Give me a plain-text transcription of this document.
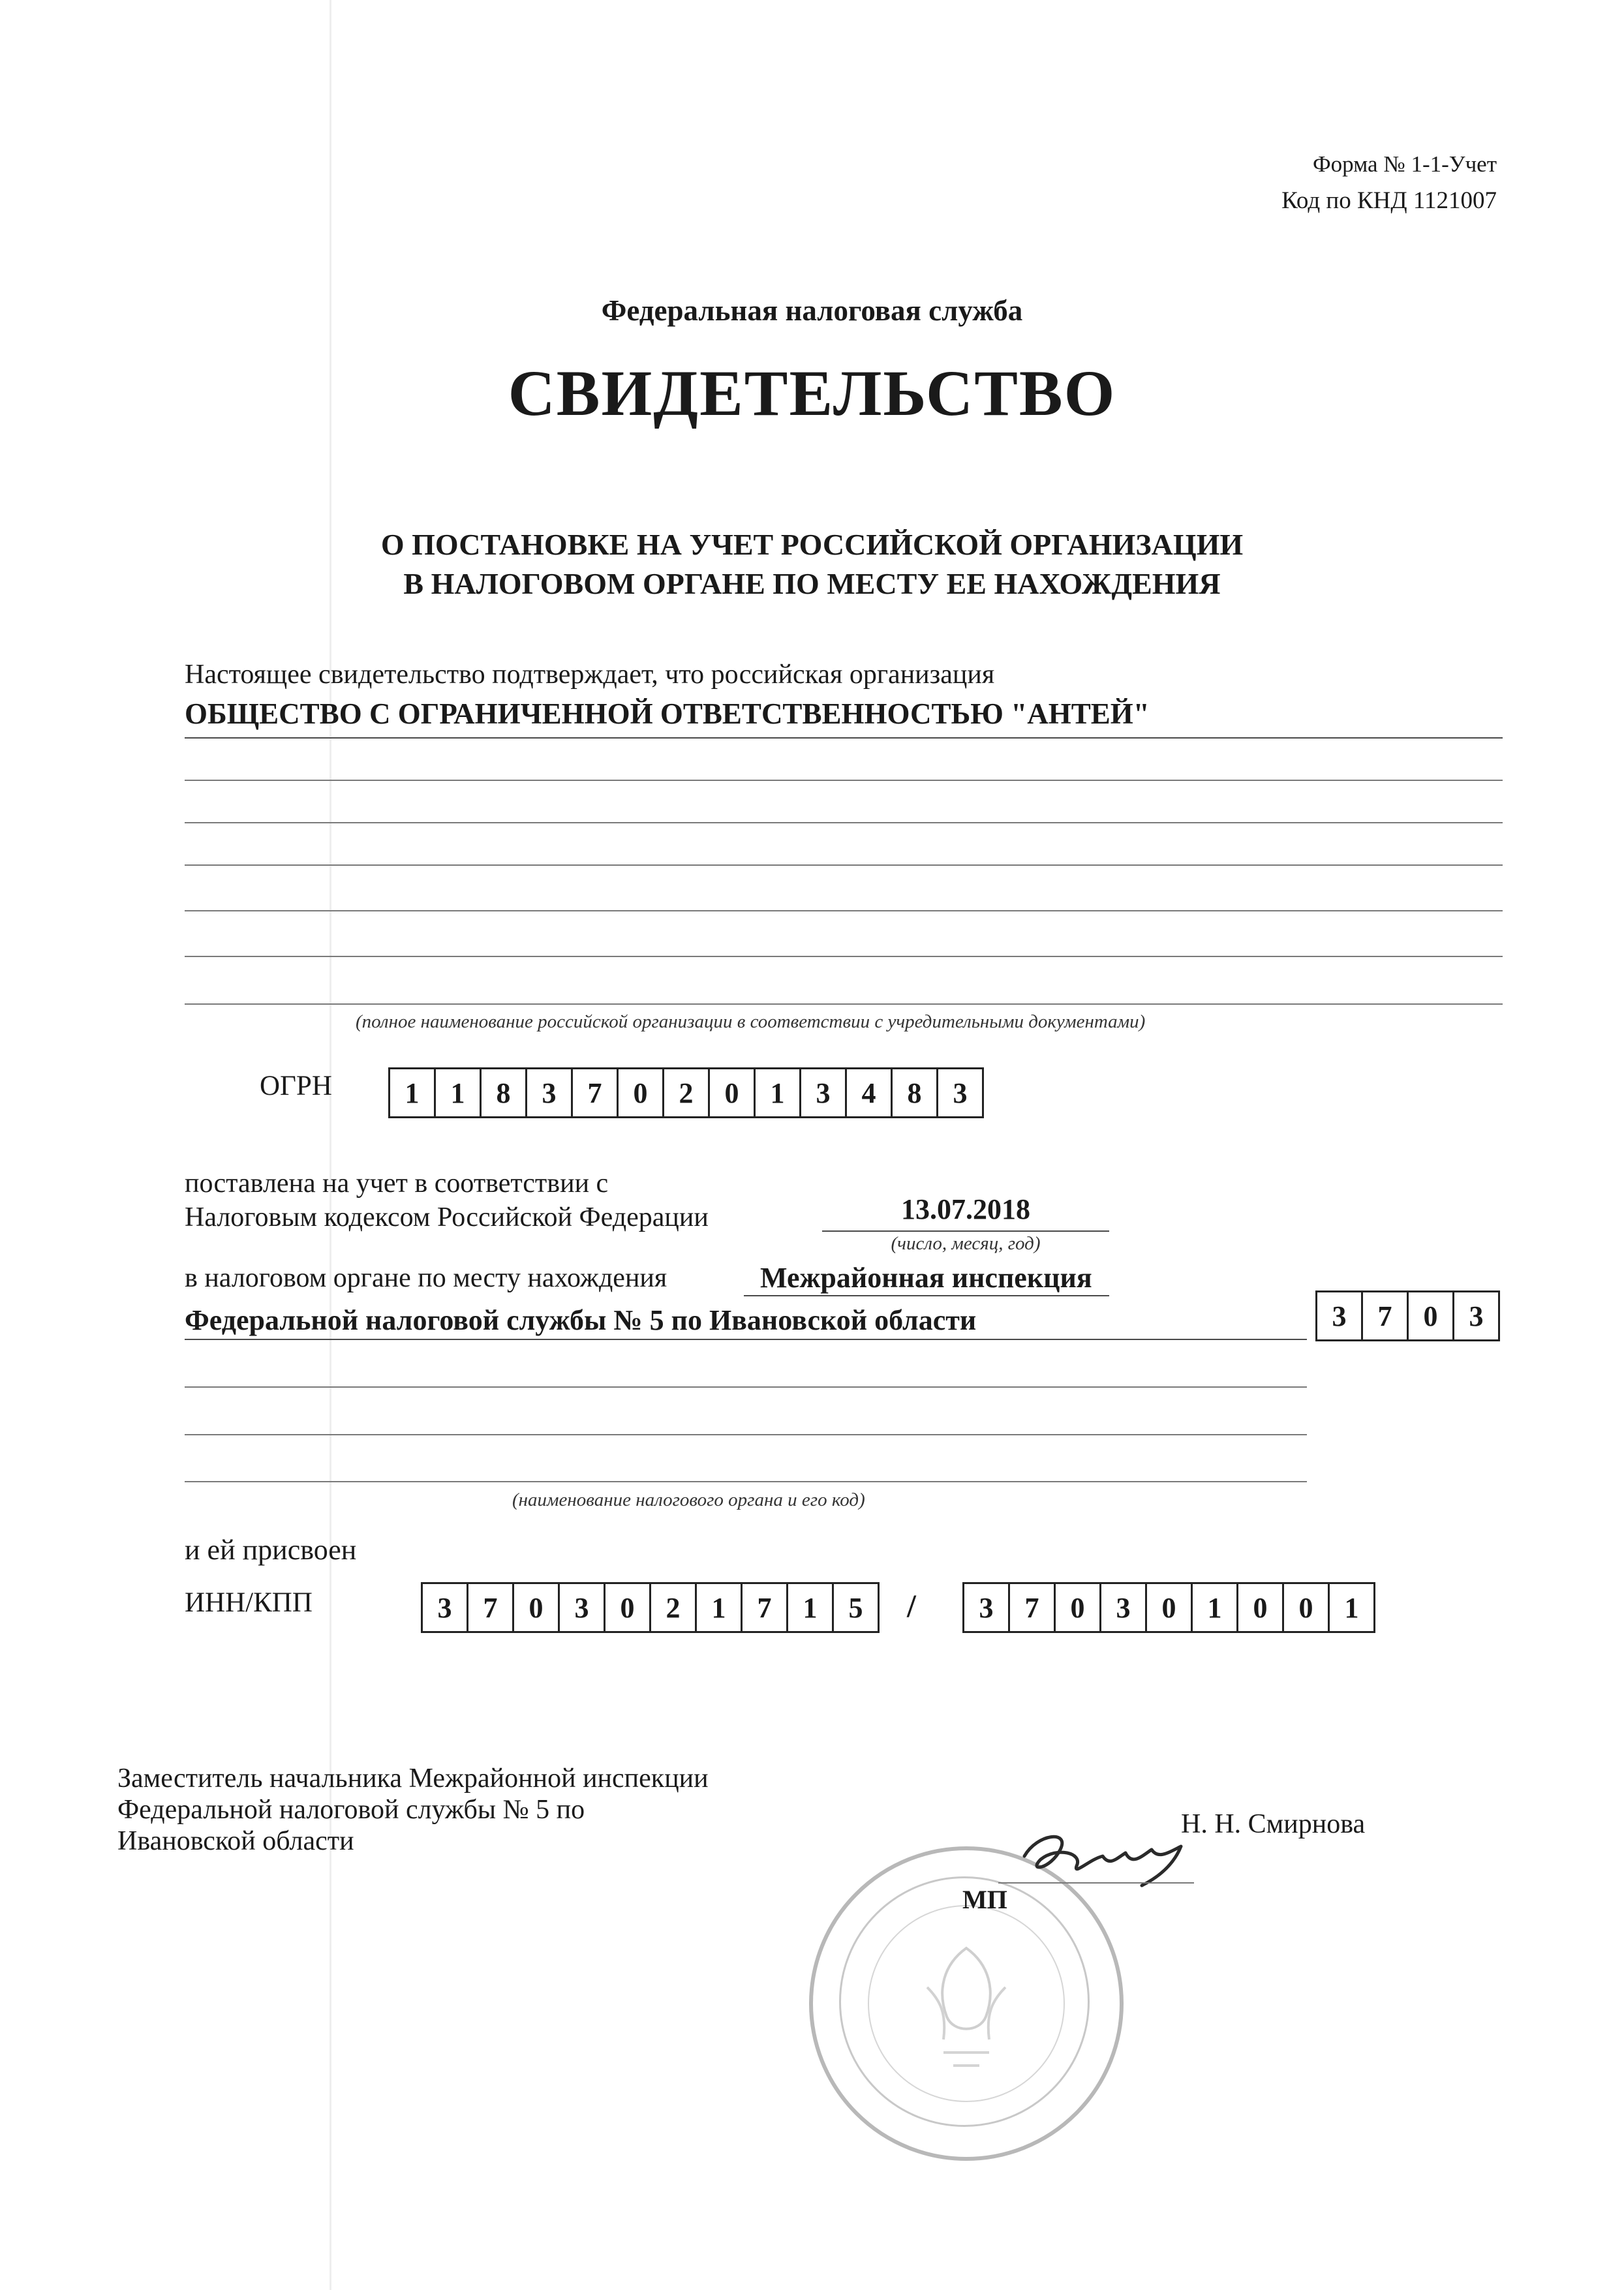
Форма № 1-1-Учет
Код по КНД 1121007
Федеральная налоговая служба
СВИДЕТЕЛЬСТВО
О ПОСТАНОВКЕ НА УЧЕТ РОССИЙСКОЙ ОРГАНИЗАЦИИ
В НАЛОГОВОМ ОРГАНЕ ПО МЕСТУ ЕЕ НАХОЖДЕНИЯ
Настоящее свидетельство подтверждает, что российская организация
ОБЩЕСТВО С ОГРАНИЧЕННОЙ ОТВЕТСТВЕННОСТЬЮ "АНТЕЙ"
(полное наименование российской организации в соответствии с учредительными документами)
ОГРН	1	1	8	3	7	0	2	0	1	3	4	8	3
поставлена на учет в соответствии с
Налоговым кодексом Российской Федерации	13.07.2018
(число, месяц, год)
в налоговом органе по месту нахождения	Межрайонная инспекция
Федеральной налоговой службы № 5 по Ивановской области	3	7	0	3
(наименование налогового органа и его код)
и ей присвоен
ИНН/КПП	3	7	0	3	0	2	1	7	1	5	/	3	7	0	3	0	1	0	0	1
Заместитель начальника Межрайонной инспекции
Федеральной налоговой службы № 5 по
Ивановской области
Н. Н. Смирнова
МП
